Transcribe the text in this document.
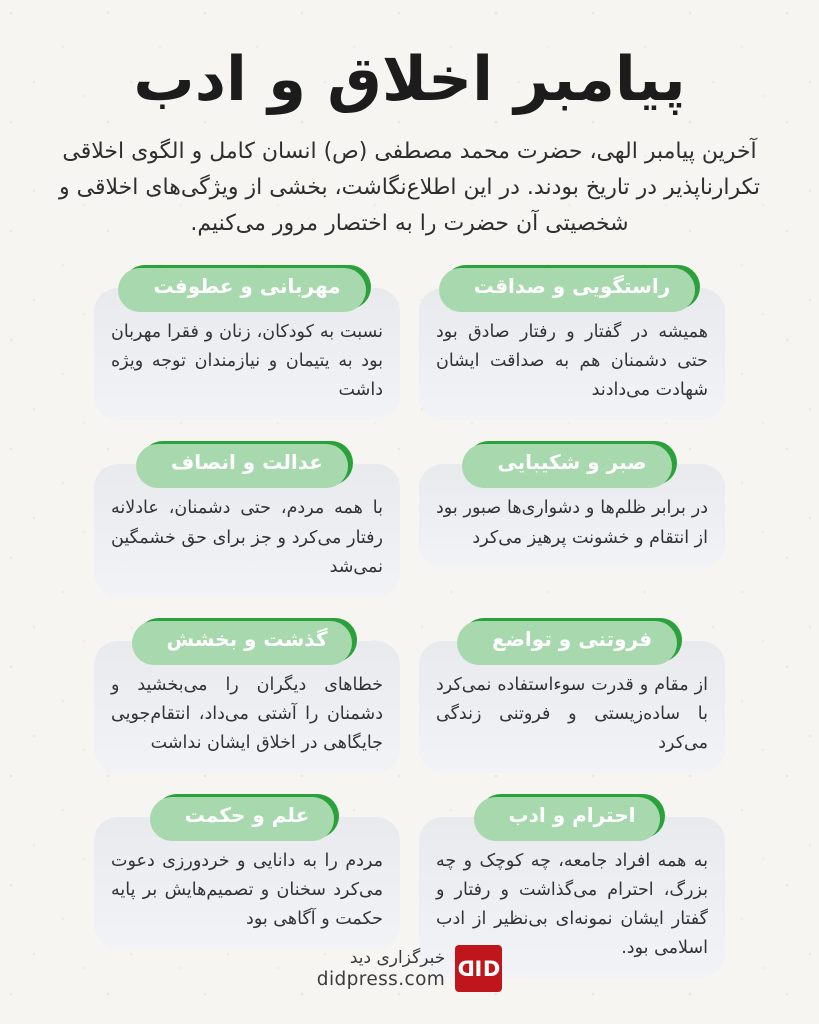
پیامبر اخلاق و ادب

آخرین پیامبر الهی، حضرت محمد مصطفی (ص) انسان کامل و الگوی اخلاقی تکرارناپذیر در تاریخ بودند. در این اطلاع‌نگاشت، بخشی از ویژگی‌های اخلاقی و شخصیتی آن حضرت را به اختصار مرور می‌کنیم.

راستگویی و صداقت
همیشه در گفتار و رفتار صادق بود حتی دشمنان هم به صداقت ایشان شهادت می‌دادند
مهربانی و عطوفت
نسبت به کودکان، زنان و فقرا مهربان بود به یتیمان و نیازمندان توجه ویژه داشت
صبر و شکیبایی
در برابر ظلم‌ها و دشواری‌ها صبور بود از انتقام و خشونت پرهیز می‌کرد
عدالت و انصاف
با همه مردم، حتی دشمنان، عادلانه رفتار می‌کرد و جز برای حق خشمگین نمی‌شد
فروتنی و تواضع
از مقام و قدرت سوءاستفاده نمی‌کرد با ساده‌زیستی و فروتنی زندگی می‌کرد
گذشت و بخشش
خطاهای دیگران را می‌بخشید و دشمنان را آشتی می‌داد، انتقام‌جویی جایگاهی در اخلاق ایشان نداشت
احترام و ادب
به همه افراد جامعه، چه کوچک و چه بزرگ، احترام می‌گذاشت و رفتار و گفتار ایشان نمونه‌ای بی‌نظیر از ادب اسلامی بود.
علم و حکمت
مردم را به دانایی و خردورزی دعوت می‌کرد سخنان و تصمیم‌هایش بر پایه حکمت و آگاهی بود
خبرگزاری دید
didpress.com D I D
